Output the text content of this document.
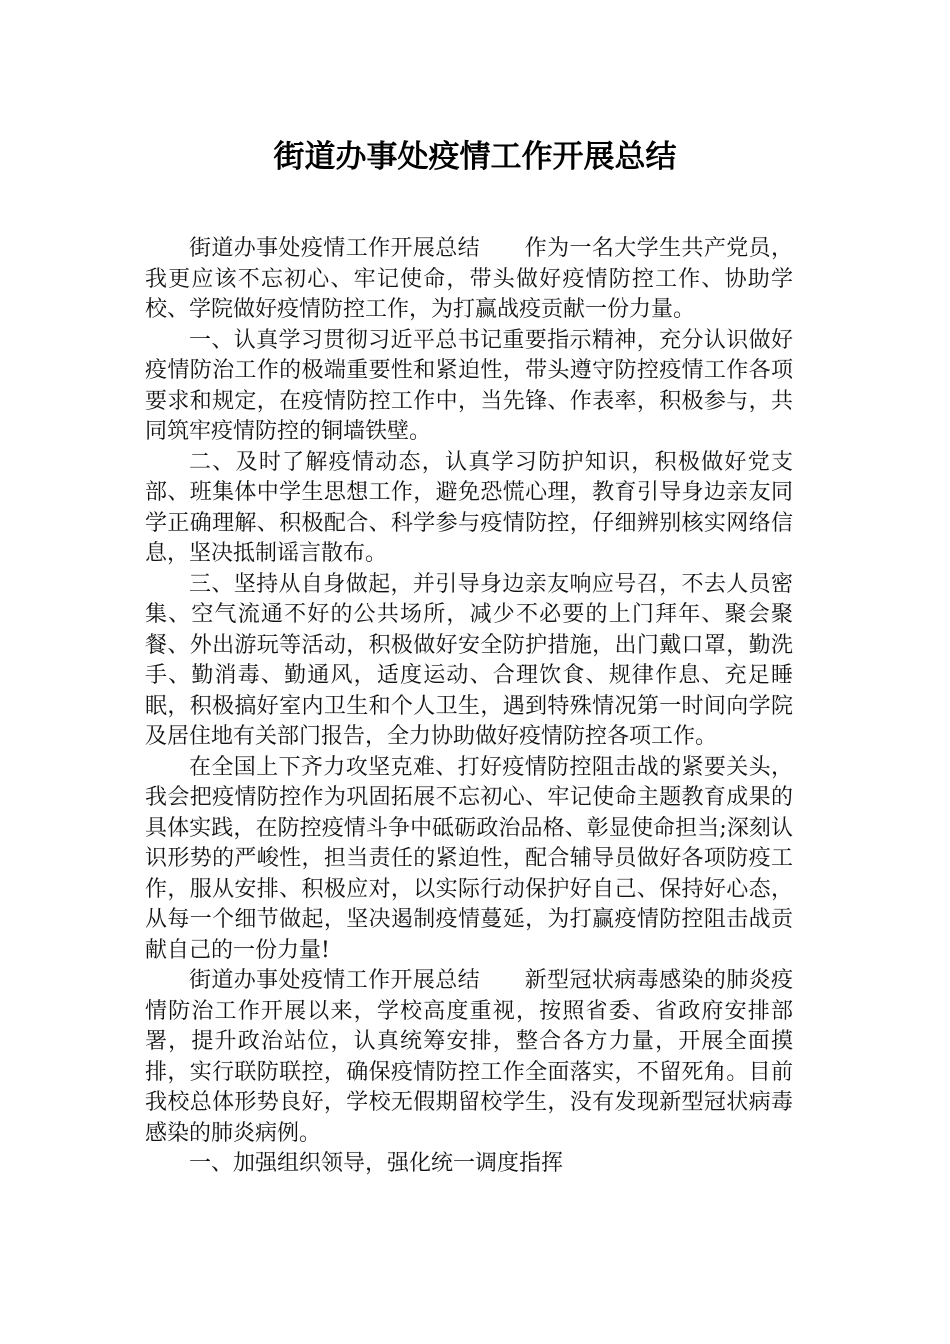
街道办事处疫情工作开展总结

街道办事处疫情工作开展总结　　作为一名大学生共产党员，我更应该不忘初心、牢记使命，带头做好疫情防控工作、协助学校、学院做好疫情防控工作，为打赢战疫贡献一份力量。

一、认真学习贯彻习近平总书记重要指示精神，充分认识做好疫情防治工作的极端重要性和紧迫性，带头遵守防控疫情工作各项要求和规定，在疫情防控工作中，当先锋、作表率，积极参与，共同筑牢疫情防控的铜墙铁壁。

二、及时了解疫情动态，认真学习防护知识，积极做好党支部、班集体中学生思想工作，避免恐慌心理，教育引导身边亲友同学正确理解、积极配合、科学参与疫情防控，仔细辨别核实网络信息，坚决抵制谣言散布。

三、坚持从自身做起，并引导身边亲友响应号召，不去人员密集、空气流通不好的公共场所，减少不必要的上门拜年、聚会聚餐、外出游玩等活动，积极做好安全防护措施，出门戴口罩，勤洗手、勤消毒、勤通风，适度运动、合理饮食、规律作息、充足睡眠，积极搞好室内卫生和个人卫生，遇到特殊情况第一时间向学院及居住地有关部门报告，全力协助做好疫情防控各项工作。

在全国上下齐力攻坚克难、打好疫情防控阻击战的紧要关头，我会把疫情防控作为巩固拓展不忘初心、牢记使命主题教育成果的具体实践，在防控疫情斗争中砥砺政治品格、彰显使命担当;深刻认识形势的严峻性，担当责任的紧迫性，配合辅导员做好各项防疫工作，服从安排、积极应对，以实际行动保护好自己、保持好心态，从每一个细节做起，坚决遏制疫情蔓延，为打赢疫情防控阻击战贡献自己的一份力量!

街道办事处疫情工作开展总结　　新型冠状病毒感染的肺炎疫情防治工作开展以来，学校高度重视，按照省委、省政府安排部署，提升政治站位，认真统筹安排，整合各方力量，开展全面摸排，实行联防联控，确保疫情防控工作全面落实，不留死角。目前我校总体形势良好，学校无假期留校学生，没有发现新型冠状病毒感染的肺炎病例。

一、加强组织领导，强化统一调度指挥
